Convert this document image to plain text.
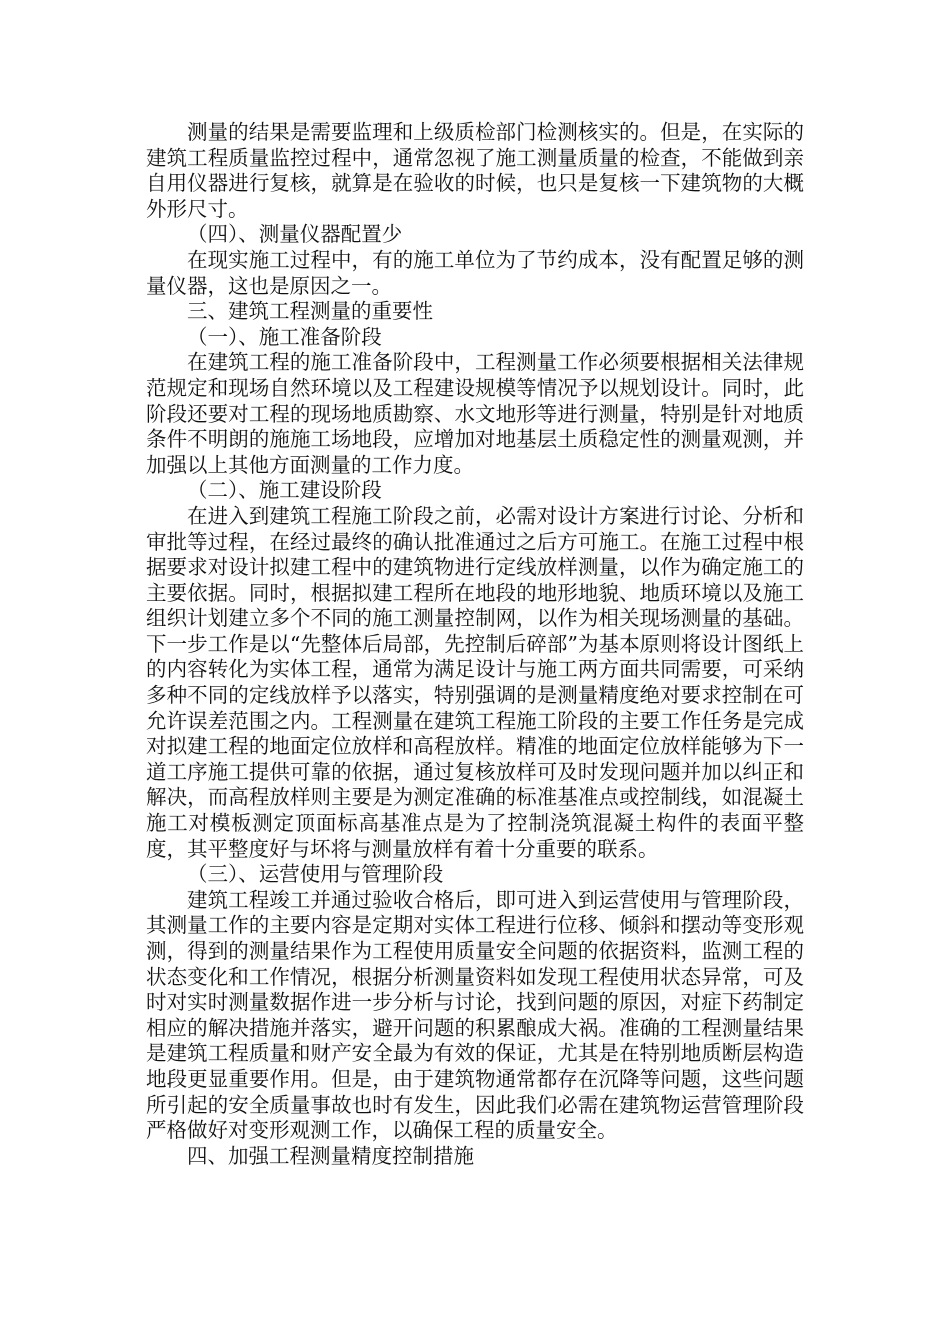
测量的结果是需要监理和上级质检部门检测核实的。但是，在实际的建筑工程质量监控过程中，通常忽视了施工测量质量的检查，不能做到亲自用仪器进行复核，就算是在验收的时候，也只是复核一下建筑物的大概外形尺寸。

（四）、测量仪器配置少

在现实施工过程中，有的施工单位为了节约成本，没有配置足够的测量仪器，这也是原因之一。

三、建筑工程测量的重要性

（一）、施工准备阶段

在建筑工程的施工准备阶段中，工程测量工作必须要根据相关法律规范规定和现场自然环境以及工程建设规模等情况予以规划设计。同时，此阶段还要对工程的现场地质勘察、水文地形等进行测量，特别是针对地质条件不明朗的施施工场地段，应增加对地基层土质稳定性的测量观测，并加强以上其他方面测量的工作力度。

（二）、施工建设阶段

在进入到建筑工程施工阶段之前，必需对设计方案进行讨论、分析和审批等过程，在经过最终的确认批准通过之后方可施工。在施工过程中根据要求对设计拟建工程中的建筑物进行定线放样测量，以作为确定施工的主要依据。同时，根据拟建工程所在地段的地形地貌、地质环境以及施工组织计划建立多个不同的施工测量控制网，以作为相关现场测量的基础。下一步工作是以“先整体后局部，先控制后碎部”为基本原则将设计图纸上的内容转化为实体工程，通常为满足设计与施工两方面共同需要，可采纳多种不同的定线放样予以落实，特别强调的是测量精度绝对要求控制在可允许误差范围之内。工程测量在建筑工程施工阶段的主要工作任务是完成对拟建工程的地面定位放样和高程放样。精准的地面定位放样能够为下一道工序施工提供可靠的依据，通过复核放样可及时发现问题并加以纠正和解决，而高程放样则主要是为测定准确的标准基准点或控制线，如混凝土施工对模板测定顶面标高基准点是为了控制浇筑混凝土构件的表面平整度，其平整度好与坏将与测量放样有着十分重要的联系。

（三）、运营使用与管理阶段

建筑工程竣工并通过验收合格后，即可进入到运营使用与管理阶段，其测量工作的主要内容是定期对实体工程进行位移、倾斜和摆动等变形观测，得到的测量结果作为工程使用质量安全问题的依据资料，监测工程的状态变化和工作情况，根据分析测量资料如发现工程使用状态异常，可及时对实时测量数据作进一步分析与讨论，找到问题的原因，对症下药制定相应的解决措施并落实，避开问题的积累酿成大祸。准确的工程测量结果是建筑工程质量和财产安全最为有效的保证，尤其是在特别地质断层构造地段更显重要作用。但是，由于建筑物通常都存在沉降等问题，这些问题所引起的安全质量事故也时有发生，因此我们必需在建筑物运营管理阶段严格做好对变形观测工作，以确保工程的质量安全。

四、加强工程测量精度控制措施
